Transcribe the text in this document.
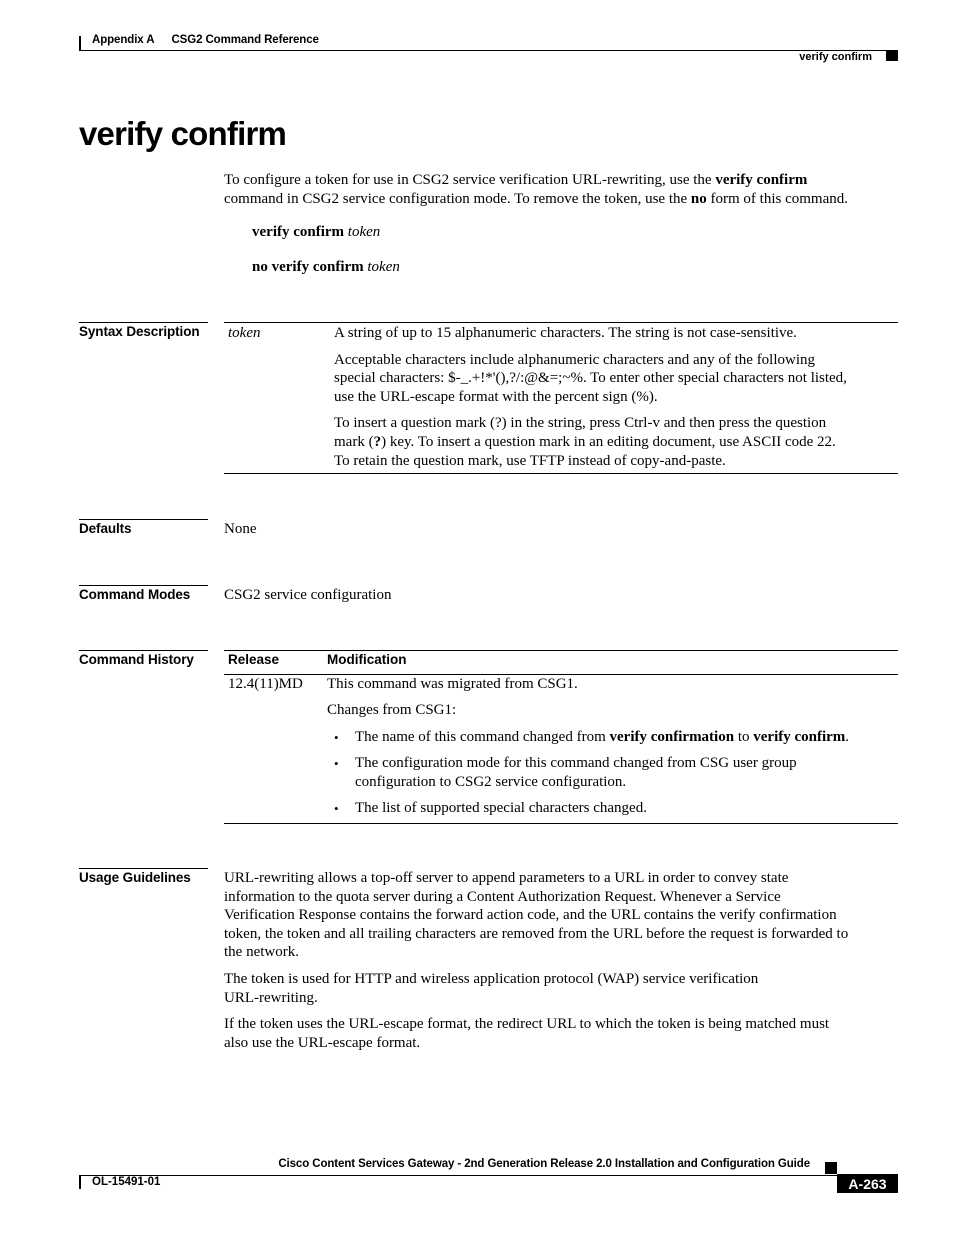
Appendix A CSG2 Command Reference
verify confirm
verify confirm
To configure a token for use in CSG2 service verification URL-rewriting, use the verify confirm
command in CSG2 service configuration mode. To remove the token, use the no form of this command.
verify confirm token
no verify confirm token
Syntax Description token	A string of up to 15 alphanumeric characters. The string is not case-sensitive.
Acceptable characters include alphanumeric characters and any of the following
special characters: $-_.+!*'(),?/:@&=;~%. To enter other special characters not listed,
use the URL-escape format with the percent sign (%).
To insert a question mark (?) in the string, press Ctrl-v and then press the question
mark (?) key. To insert a question mark in an editing document, use ASCII code 22.
To retain the question mark, use TFTP instead of copy-and-paste.
Defaults	None
Command Modes CSG2 service configuration
Command History	Release	Modification
12.4(11)MD This command was migrated from CSG1.
Changes from CSG1:
• The name of this command changed from verify confirmation to verify confirm.
• The configuration mode for this command changed from CSG user group
configuration to CSG2 service configuration.
• The list of supported special characters changed.
Usage Guidelines URL-rewriting allows a top-off server to append parameters to a URL in order to convey state
information to the quota server during a Content Authorization Request. Whenever a Service
Verification Response contains the forward action code, and the URL contains the verify confirmation
token, the token and all trailing characters are removed from the URL before the request is forwarded to
the network.
The token is used for HTTP and wireless application protocol (WAP) service verification
URL-rewriting.
If the token uses the URL-escape format, the redirect URL to which the token is being matched must
also use the URL-escape format.
Cisco Content Services Gateway - 2nd Generation Release 2.0 Installation and Configuration Guide
OL-15491-01	A-263
